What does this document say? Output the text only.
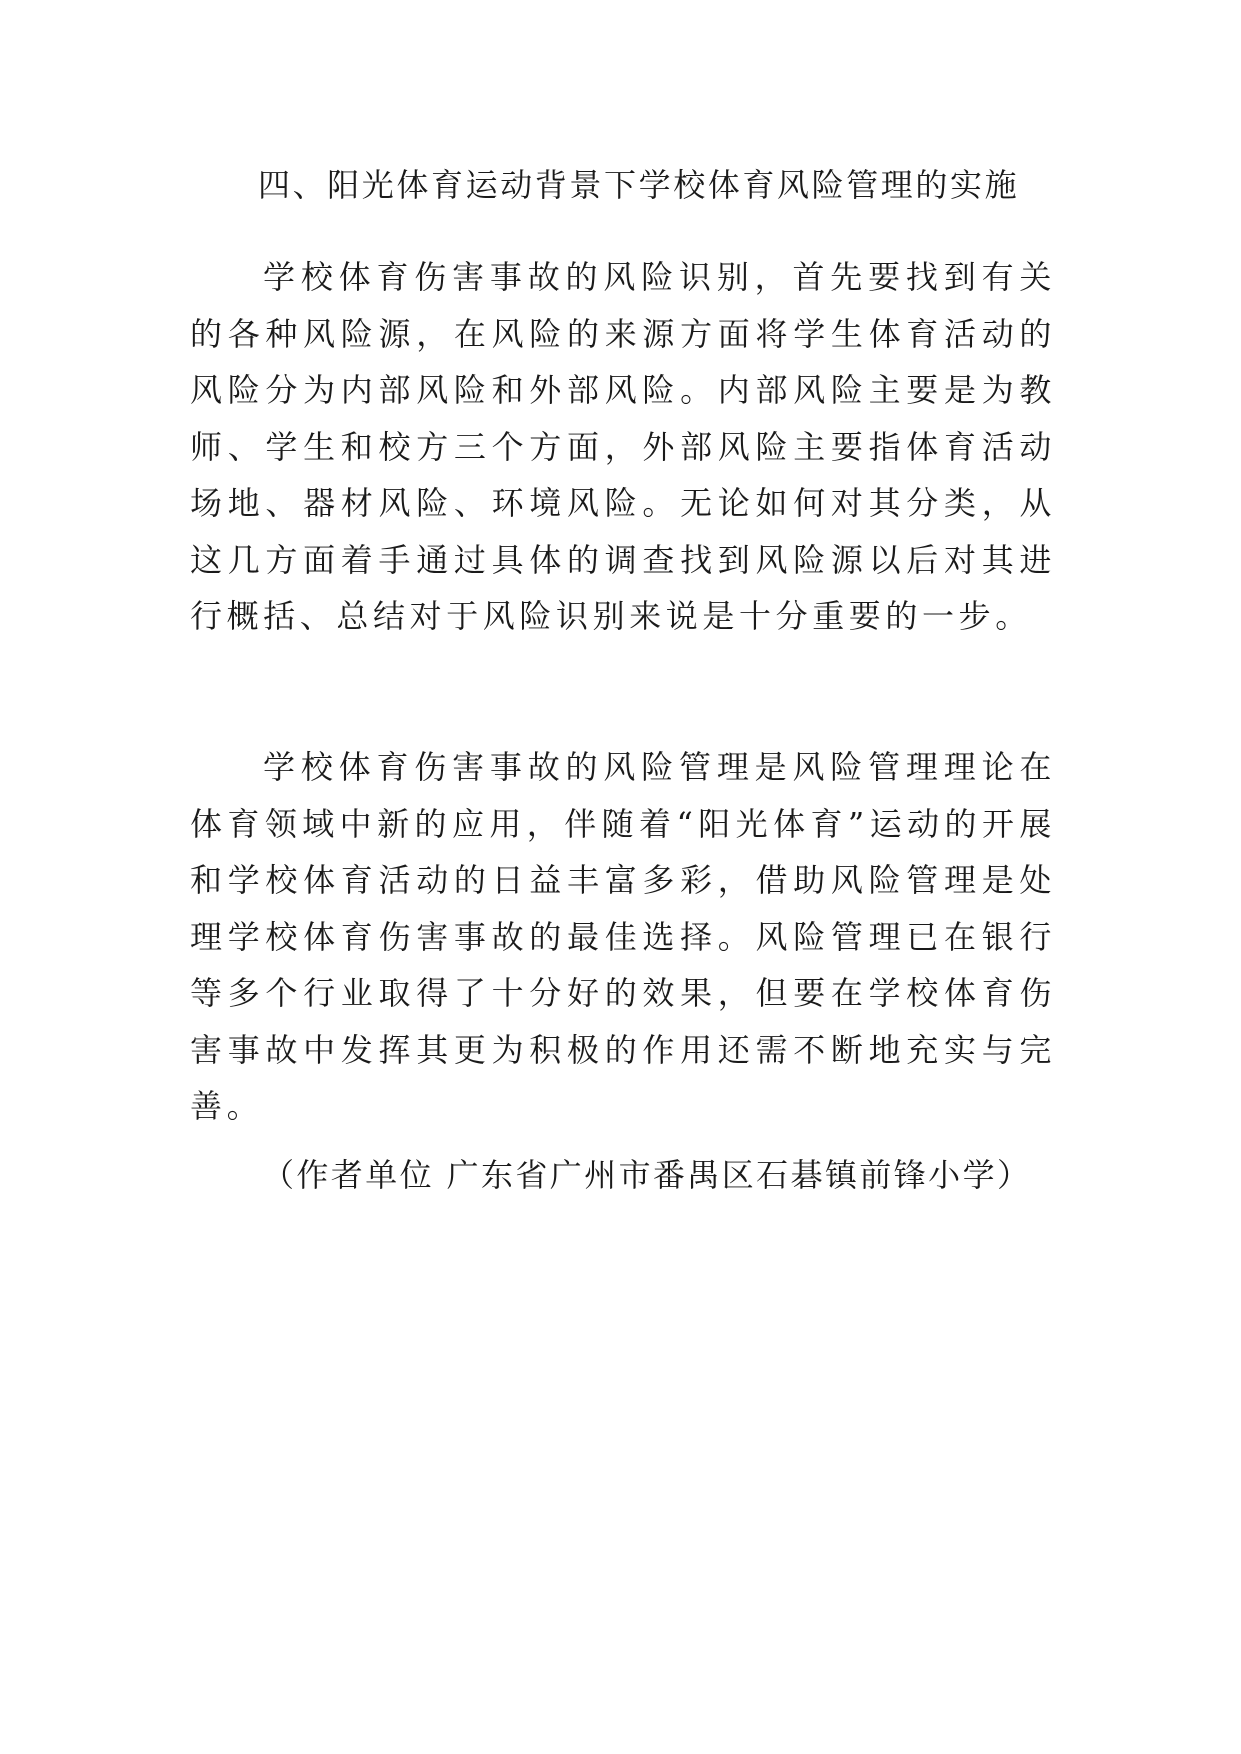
四、阳光体育运动背景下学校体育风险管理的实施

学校体育伤害事故的风险识别，首先要找到有关的各种风险源，在风险的来源方面将学生体育活动的风险分为内部风险和外部风险。内部风险主要是为教师、学生和校方三个方面，外部风险主要指体育活动场地、器材风险、环境风险。无论如何对其分类，从这几方面着手通过具体的调查找到风险源以后对其进行概括、总结对于风险识别来说是十分重要的一步。

学校体育伤害事故的风险管理是风险管理理论在体育领域中新的应用，伴随着“阳光体育”运动的开展和学校体育活动的日益丰富多彩，借助风险管理是处理学校体育伤害事故的最佳选择。风险管理已在银行等多个行业取得了十分好的效果，但要在学校体育伤害事故中发挥其更为积极的作用还需不断地充实与完善。

（作者单位 广东省广州市番禺区石碁镇前锋小学）
